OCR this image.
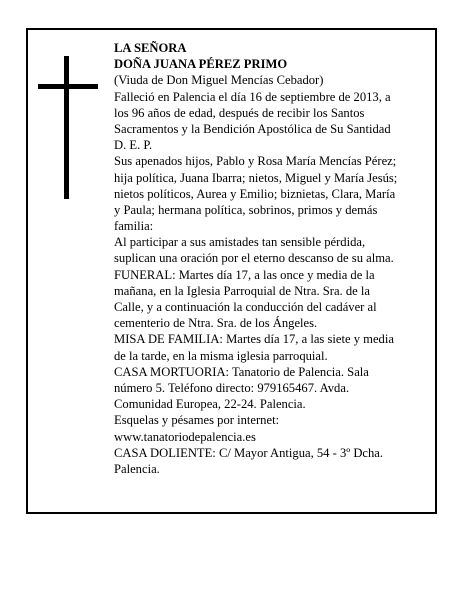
LA SEÑORA
DOÑA JUANA PÉREZ PRIMO
(Viuda de Don Miguel Mencías Cebador)
Falleció en Palencia el día 16 de septiembre de 2013, a
los 96 años de edad, después de recibir los Santos
Sacramentos y la Bendición Apostólica de Su Santidad
D. E. P.
Sus apenados hijos, Pablo y Rosa María Mencías Pérez;
hija política, Juana Ibarra; nietos, Miguel y María Jesús;
nietos políticos, Aurea y Emilio; biznietas, Clara, María
y Paula; hermana política, sobrinos, primos y demás
familia:
Al participar a sus amistades tan sensible pérdida,
suplican una oración por el eterno descanso de su alma.
FUNERAL: Martes día 17, a las once y media de la
mañana, en la Iglesia Parroquial de Ntra. Sra. de la
Calle, y a continuación la conducción del cadáver al
cementerio de Ntra. Sra. de los Ángeles.
MISA DE FAMILIA: Martes día 17, a las siete y media
de la tarde, en la misma iglesia parroquial.
CASA MORTUORIA: Tanatorio de Palencia. Sala
número 5. Teléfono directo: 979165467. Avda.
Comunidad Europea, 22-24. Palencia.
Esquelas y pésames por internet:
www.tanatoriodepalencia.es
CASA DOLIENTE: C/ Mayor Antigua, 54 - 3º Dcha.
Palencia.
